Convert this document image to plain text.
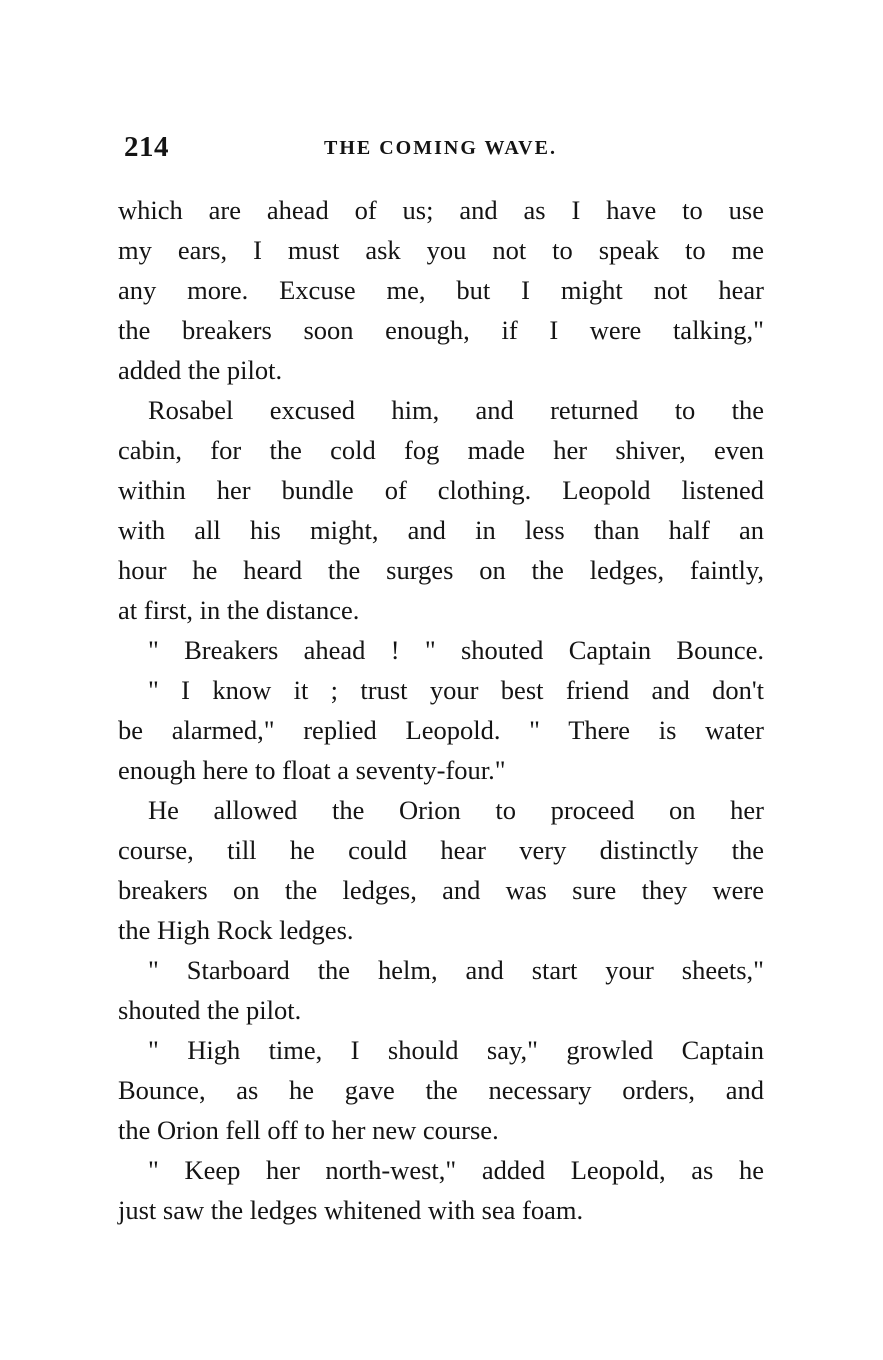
214	THE COMING WAVE.
which are ahead of us; and as I have to use
my ears, I must ask you not to speak to me
any more. Excuse me, but I might not hear
the breakers soon enough, if I were talking,"
added the pilot.
Rosabel excused him, and returned to the
cabin, for the cold fog made her shiver, even
within her bundle of clothing. Leopold listened
with all his might, and in less than half an
hour he heard the surges on the ledges, faintly,
at first, in the distance.
" Breakers ahead ! " shouted Captain Bounce.
" I know it ; trust your best friend and don't
be alarmed," replied Leopold. " There is water
enough here to float a seventy-four."
He allowed the Orion to proceed on her
course, till he could hear very distinctly the
breakers on the ledges, and was sure they were
the High Rock ledges.
" Starboard the helm, and start your sheets,"
shouted the pilot.
" High time, I should say," growled Captain
Bounce, as he gave the necessary orders, and
the Orion fell off to her new course.
" Keep her north-west," added Leopold, as he
just saw the ledges whitened with sea foam.
